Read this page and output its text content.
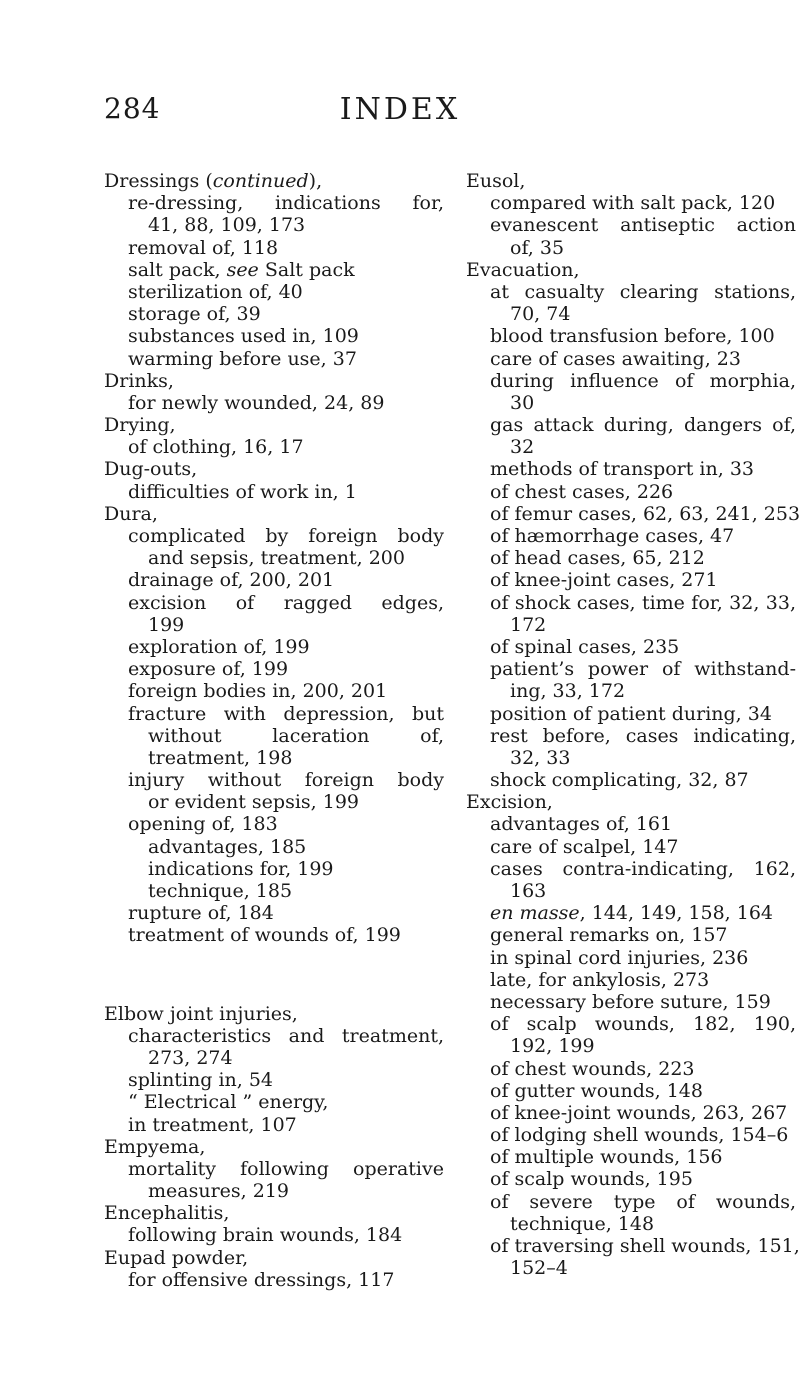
284	INDEX
Dressings (continued),
re-dressing, indications for,
41, 88, 109, 173
removal of, 118
salt pack, see Salt pack
sterilization of, 40
storage of, 39
substances used in, 109
warming before use, 37
Drinks,
for newly wounded, 24, 89
Drying,
of clothing, 16, 17
Dug-outs,
difficulties of work in, 1
Dura,
complicated by foreign body
and sepsis, treatment, 200
drainage of, 200, 201
excision of ragged edges,
199
exploration of, 199
exposure of, 199
foreign bodies in, 200, 201
fracture with depression, but
without laceration of,
treatment, 198
injury without foreign body
or evident sepsis, 199
opening of, 183
advantages, 185
indications for, 199
technique, 185
rupture of, 184
treatment of wounds of, 199
Elbow joint injuries,
characteristics and treatment,
273, 274
splinting in, 54
“ Electrical ” energy,
in treatment, 107
Empyema,
mortality following operative
measures, 219
Encephalitis,
following brain wounds, 184
Eupad powder,
for offensive dressings, 117
Eusol,
compared with salt pack, 120
evanescent antiseptic action
of, 35
Evacuation,
at casualty clearing stations,
70, 74
blood transfusion before, 100
care of cases awaiting, 23
during influence of morphia,
30
gas attack during, dangers of,
32
methods of transport in, 33
of chest cases, 226
of femur cases, 62, 63, 241, 253
of hæmorrhage cases, 47
of head cases, 65, 212
of knee-joint cases, 271
of shock cases, time for, 32, 33,
172
of spinal cases, 235
patient’s power of withstand-
ing, 33, 172
position of patient during, 34
rest before, cases indicating,
32, 33
shock complicating, 32, 87
Excision,
advantages of, 161
care of scalpel, 147
cases contra-indicating, 162,
163
en masse, 144, 149, 158, 164
general remarks on, 157
in spinal cord injuries, 236
late, for ankylosis, 273
necessary before suture, 159
of scalp wounds, 182, 190,
192, 199
of chest wounds, 223
of gutter wounds, 148
of knee-joint wounds, 263, 267
of lodging shell wounds, 154–6
of multiple wounds, 156
of scalp wounds, 195
of severe type of wounds,
technique, 148
of traversing shell wounds, 151,
152–4
